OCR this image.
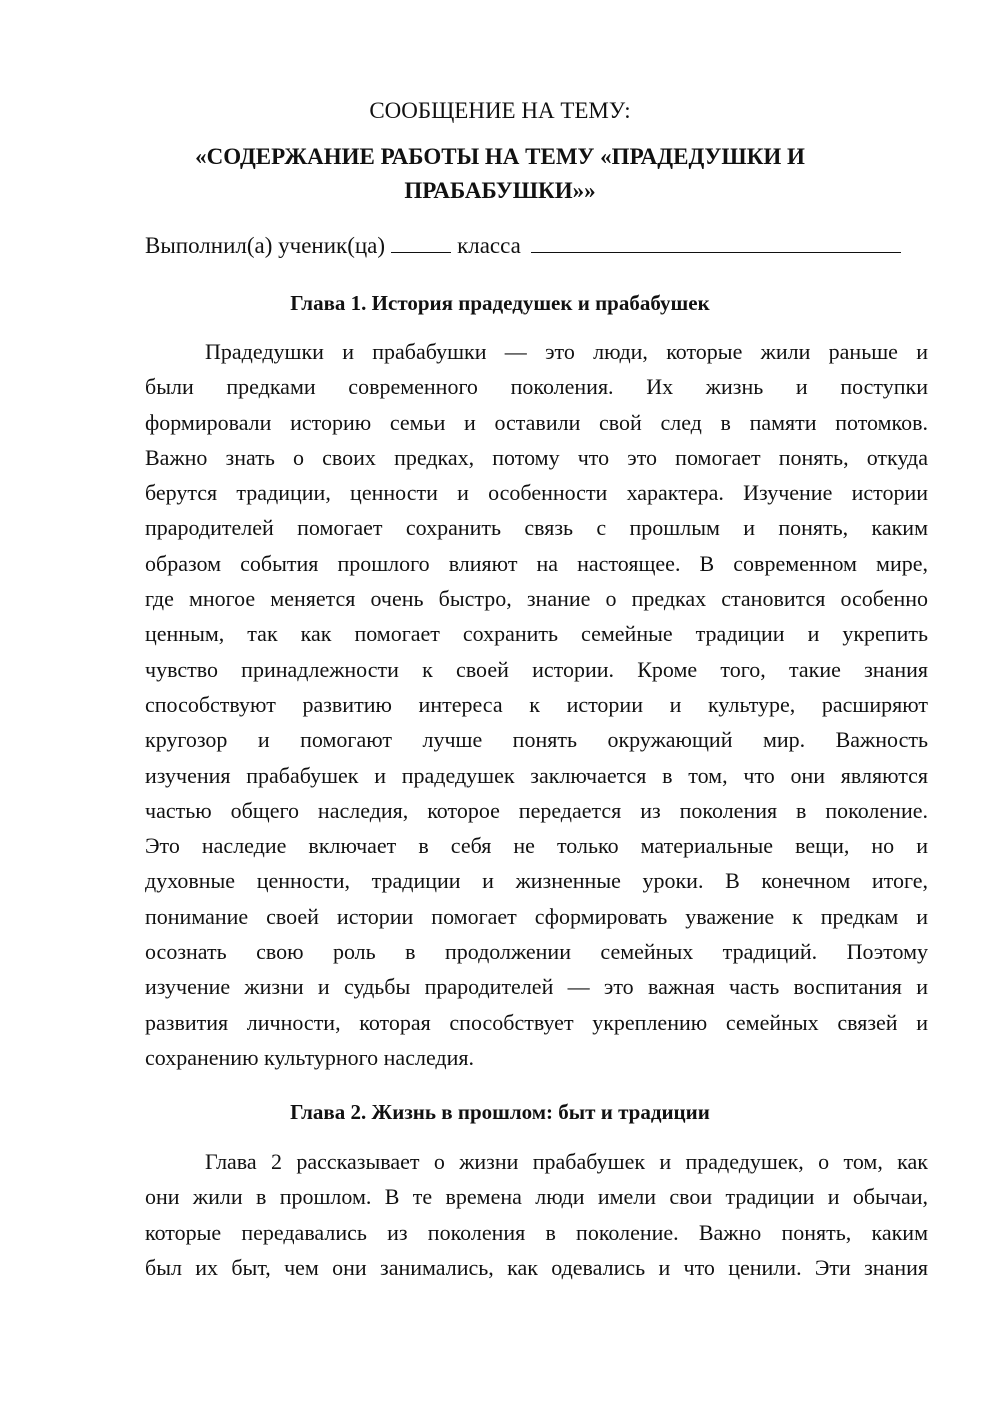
СООБЩЕНИЕ НА ТЕМУ:
«СОДЕРЖАНИЕ РАБОТЫ НА ТЕМУ «ПРАДЕДУШКИ И
ПРАБАБУШКИ»»
Выполнил(а) ученик(ца)	класса
Глава 1. История прадедушек и прабабушек
Прадедушки и прабабушки — это люди, которые жили раньше и
были предками современного поколения. Их жизнь и поступки
формировали историю семьи и оставили свой след в памяти потомков.
Важно знать о своих предках, потому что это помогает понять, откуда
берутся традиции, ценности и особенности характера. Изучение истории
прародителей помогает сохранить связь с прошлым и понять, каким
образом события прошлого влияют на настоящее. В современном мире,
где многое меняется очень быстро, знание о предках становится особенно
ценным, так как помогает сохранить семейные традиции и укрепить
чувство принадлежности к своей истории. Кроме того, такие знания
способствуют развитию интереса к истории и культуре, расширяют
кругозор и помогают лучше понять окружающий мир. Важность
изучения прабабушек и прадедушек заключается в том, что они являются
частью общего наследия, которое передается из поколения в поколение.
Это наследие включает в себя не только материальные вещи, но и
духовные ценности, традиции и жизненные уроки. В конечном итоге,
понимание своей истории помогает сформировать уважение к предкам и
осознать свою роль в продолжении семейных традиций. Поэтому
изучение жизни и судьбы прародителей — это важная часть воспитания и
развития личности, которая способствует укреплению семейных связей и
сохранению культурного наследия.
Глава 2. Жизнь в прошлом: быт и традиции
Глава 2 рассказывает о жизни прабабушек и прадедушек, о том, как
они жили в прошлом. В те времена люди имели свои традиции и обычаи,
которые передавались из поколения в поколение. Важно понять, каким
был их быт, чем они занимались, как одевались и что ценили. Эти знания
